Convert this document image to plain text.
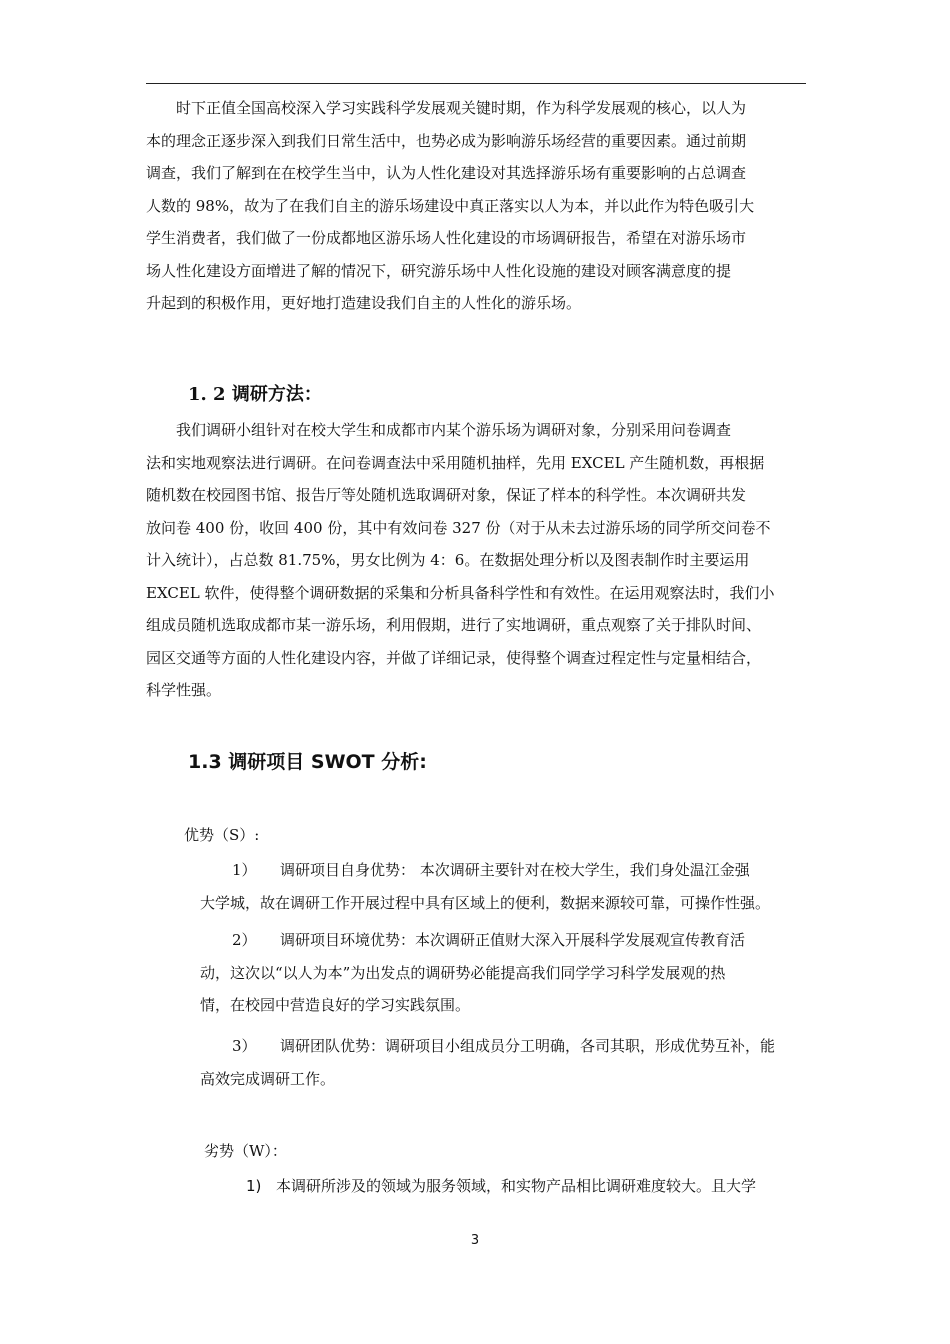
时下正值全国高校深入学习实践科学发展观关键时期，作为科学发展观的核心，以人为
本的理念正逐步深入到我们日常生活中，也势必成为影响游乐场经营的重要因素。通过前期
调查，我们了解到在在校学生当中，认为人性化建设对其选择游乐场有重要影响的占总调查
人数的 98%，故为了在我们自主的游乐场建设中真正落实以人为本，并以此作为特色吸引大
学生消费者，我们做了一份成都地区游乐场人性化建设的市场调研报告，希望在对游乐场市
场人性化建设方面增进了解的情况下，研究游乐场中人性化设施的建设对顾客满意度的提
升起到的积极作用，更好地打造建设我们自主的人性化的游乐场。
1. 2 调研方法：
我们调研小组针对在校大学生和成都市内某个游乐场为调研对象，分别采用问卷调查
法和实地观察法进行调研。在问卷调查法中采用随机抽样，先用 EXCEL 产生随机数，再根据
随机数在校园图书馆、报告厅等处随机选取调研对象，保证了样本的科学性。本次调研共发
放问卷 400 份，收回 400 份，其中有效问卷 327 份（对于从未去过游乐场的同学所交问卷不
计入统计），占总数 81.75%，男女比例为 4：6。在数据处理分析以及图表制作时主要运用
EXCEL 软件，使得整个调研数据的采集和分析具备科学性和有效性。在运用观察法时，我们小
组成员随机选取成都市某一游乐场，利用假期，进行了实地调研，重点观察了关于排队时间、
园区交通等方面的人性化建设内容，并做了详细记录，使得整个调查过程定性与定量相结合，
科学性强。
1.3 调研项目 SWOT 分析:

优势（S）:

1）	调研项目自身优势： 本次调研主要针对在校大学生，我们身处温江金强
大学城，故在调研工作开展过程中具有区域上的便利，数据来源较可靠，可操作性强。
2）	调研项目环境优势：本次调研正值财大深入开展科学发展观宣传教育活
动，这次以“以人为本”为出发点的调研势必能提高我们同学学习科学发展观的热
情，在校园中营造良好的学习实践氛围。
3）	调研团队优势：调研项目小组成员分工明确，各司其职，形成优势互补，能
高效完成调研工作。

劣势（W）：

1) 本调研所涉及的领域为服务领域，和实物产品相比调研难度较大。且大学
3
